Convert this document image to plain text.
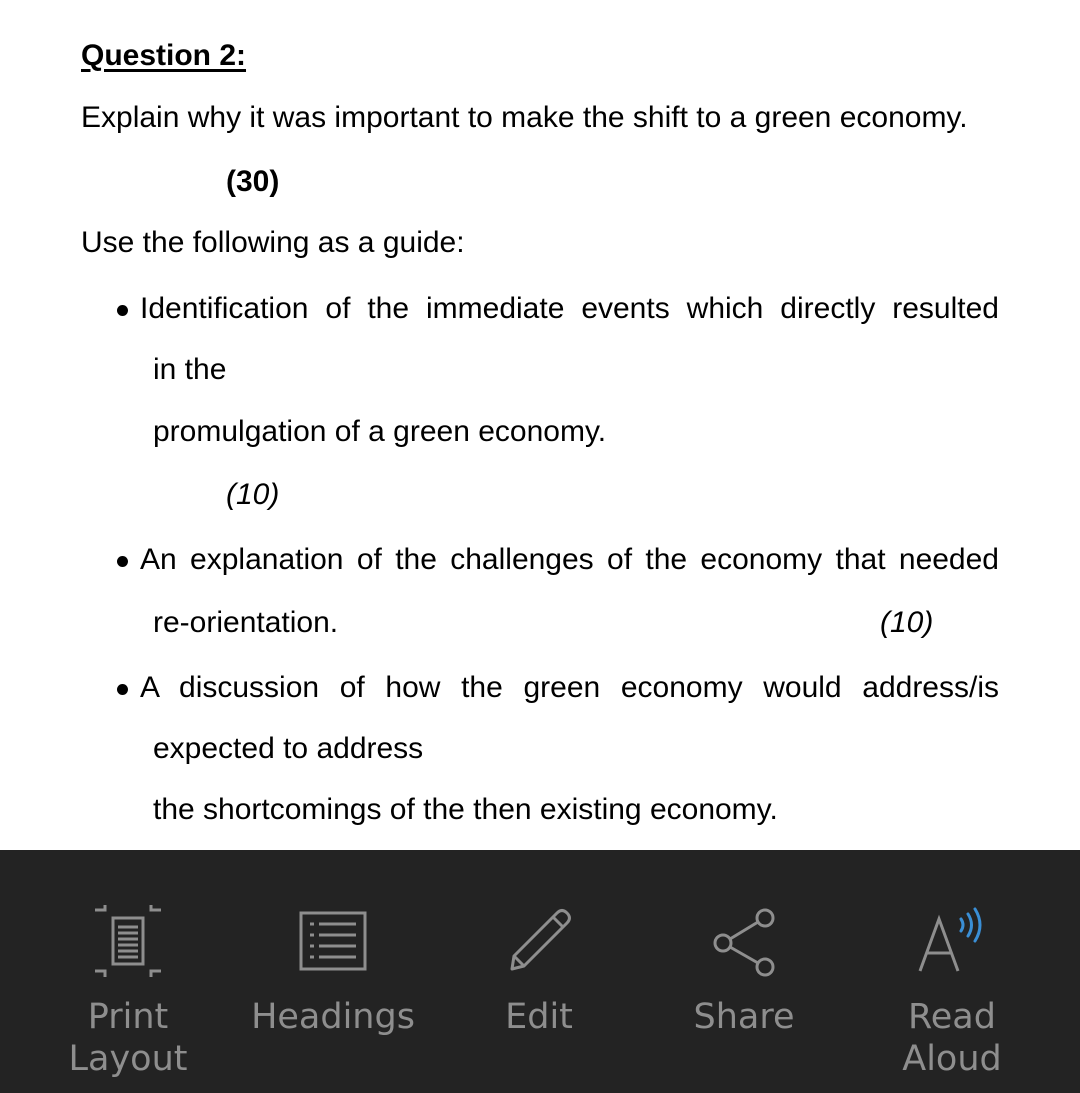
Question 2:
Explain why it was important to make the shift to a green economy.
(30)
Use the following as a guide:
Identification of the immediate events which directly resulted
in the
promulgation of a green economy.
(10)
An explanation of the challenges of the economy that needed
re-orientation.	(10)
A discussion of how the green economy would address/is
expected to address
the shortcomings of the then existing economy.
Print
Layout
Headings	Edit	Share	Read
Aloud
